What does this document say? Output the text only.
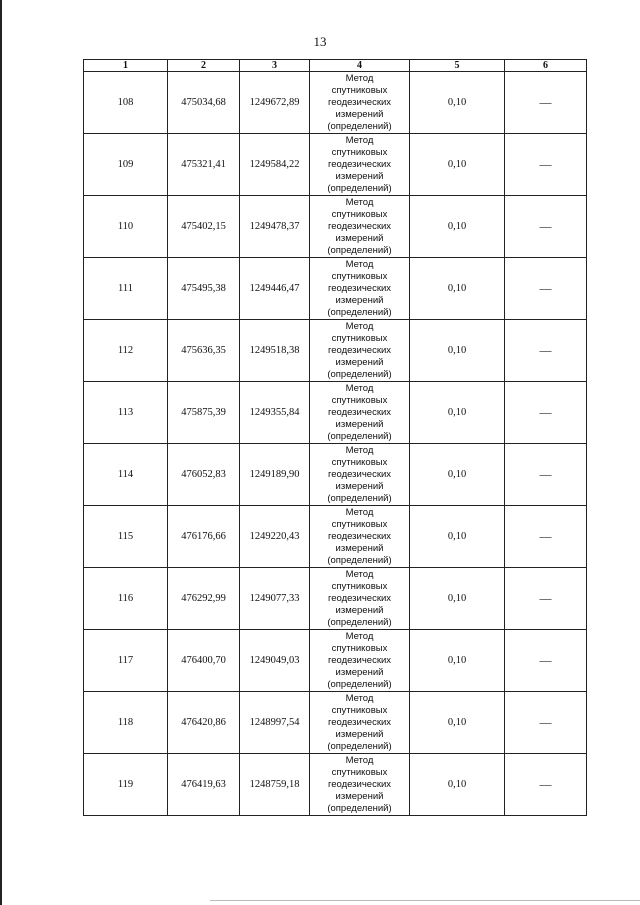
13
1	2	3	4	5	6
108	475034,68	1249672,89	Метод
спутниковых
геодезических
измерений
(определений)	0,10	—
109	475321,41	1249584,22	Метод
спутниковых
геодезических
измерений
(определений)	0,10	—
110	475402,15	1249478,37	Метод
спутниковых
геодезических
измерений
(определений)	0,10	—
111	475495,38	1249446,47	Метод
спутниковых
геодезических
измерений
(определений)	0,10	—
112	475636,35	1249518,38	Метод
спутниковых
геодезических
измерений
(определений)	0,10	—
113	475875,39	1249355,84	Метод
спутниковых
геодезических
измерений
(определений)	0,10	—
114	476052,83	1249189,90	Метод
спутниковых
геодезических
измерений
(определений)	0,10	—
115	476176,66	1249220,43	Метод
спутниковых
геодезических
измерений
(определений)	0,10	—
116	476292,99	1249077,33	Метод
спутниковых
геодезических
измерений
(определений)	0,10	—
117	476400,70	1249049,03	Метод
спутниковых
геодезических
измерений
(определений)	0,10	—
118	476420,86	1248997,54	Метод
спутниковых
геодезических
измерений
(определений)	0,10	—
119	476419,63	1248759,18	Метод
спутниковых
геодезических
измерений
(определений)	0,10	—
